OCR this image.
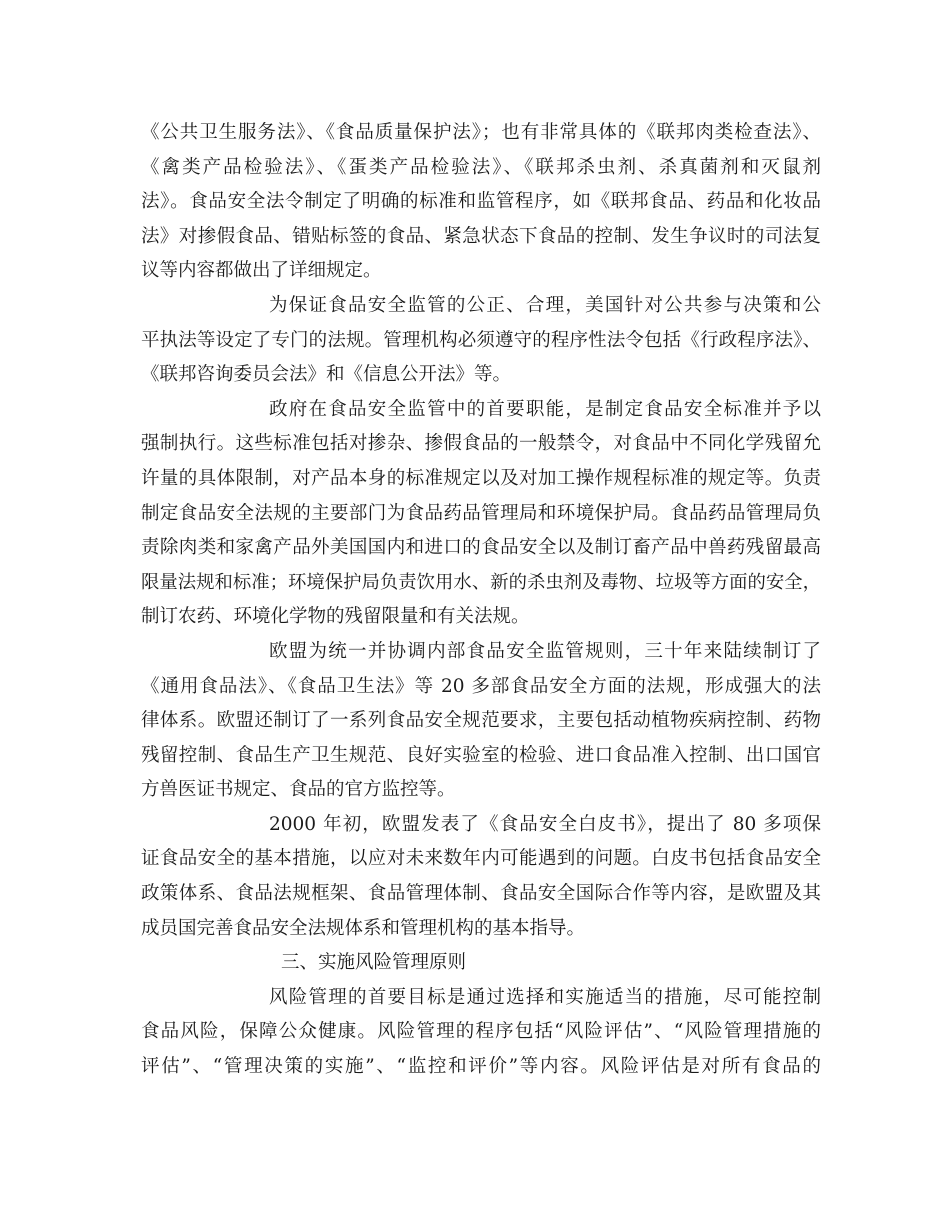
《公共卫生服务法》、《食品质量保护法》；也有非常具体的《联邦肉类检查法》、
《禽类产品检验法》、《蛋类产品检验法》、《联邦杀虫剂、杀真菌剂和灭鼠剂
法》。食品安全法令制定了明确的标准和监管程序，如《联邦食品、药品和化妆品
法》对掺假食品、错贴标签的食品、紧急状态下食品的控制、发生争议时的司法复
议等内容都做出了详细规定。
为保证食品安全监管的公正、合理，美国针对公共参与决策和公
平执法等设定了专门的法规。管理机构必须遵守的程序性法令包括《行政程序法》、
《联邦咨询委员会法》和《信息公开法》等。
政府在食品安全监管中的首要职能，是制定食品安全标准并予以
强制执行。这些标准包括对掺杂、掺假食品的一般禁令，对食品中不同化学残留允
许量的具体限制，对产品本身的标准规定以及对加工操作规程标准的规定等。负责
制定食品安全法规的主要部门为食品药品管理局和环境保护局。食品药品管理局负
责除肉类和家禽产品外美国国内和进口的食品安全以及制订畜产品中兽药残留最高
限量法规和标准；环境保护局负责饮用水、新的杀虫剂及毒物、垃圾等方面的安全，
制订农药、环境化学物的残留限量和有关法规。
欧盟为统一并协调内部食品安全监管规则，三十年来陆续制订了
《通用食品法》、《食品卫生法》等 20 多部食品安全方面的法规，形成强大的法
律体系。欧盟还制订了一系列食品安全规范要求，主要包括动植物疾病控制、药物
残留控制、食品生产卫生规范、良好实验室的检验、进口食品准入控制、出口国官
方兽医证书规定、食品的官方监控等。
2000 年初，欧盟发表了《食品安全白皮书》，提出了 80 多项保
证食品安全的基本措施，以应对未来数年内可能遇到的问题。白皮书包括食品安全
政策体系、食品法规框架、食品管理体制、食品安全国际合作等内容，是欧盟及其
成员国完善食品安全法规体系和管理机构的基本指导。
三、实施风险管理原则
风险管理的首要目标是通过选择和实施适当的措施，尽可能控制
食品风险，保障公众健康。风险管理的程序包括“风险评估”、“风险管理措施的
评估”、“管理决策的实施”、“监控和评价”等内容。风险评估是对所有食品的
